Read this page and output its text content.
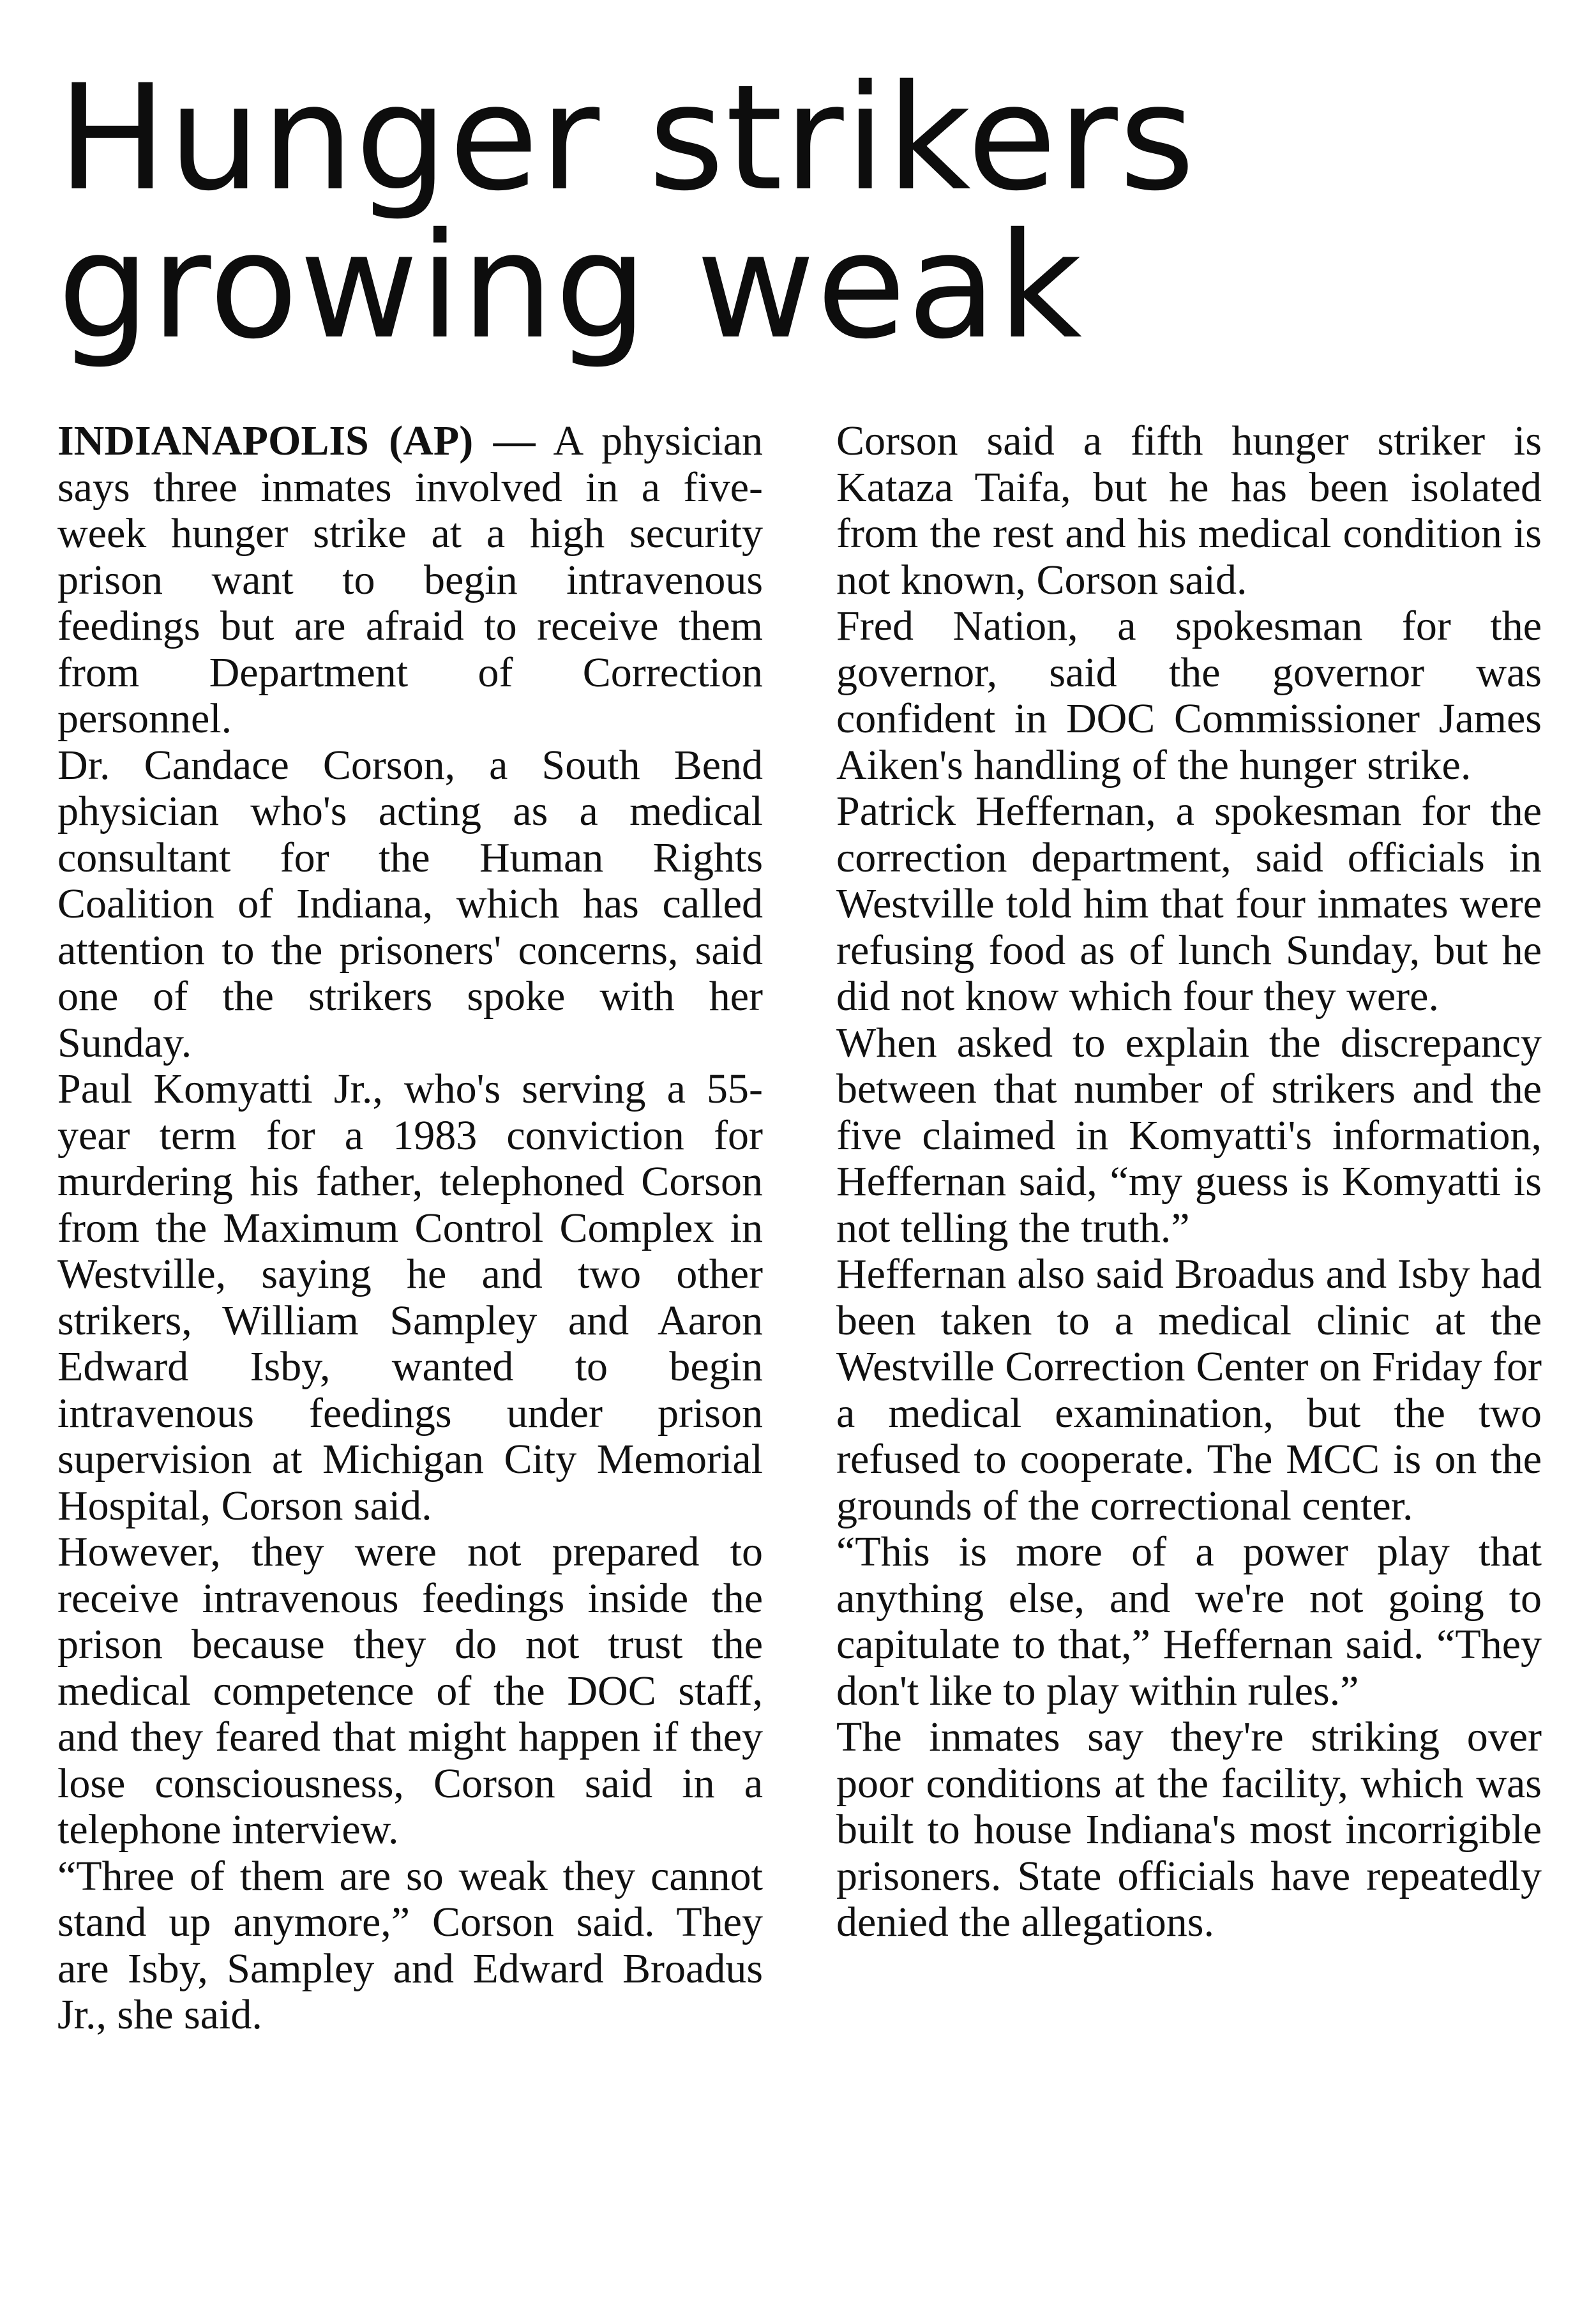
Hunger strikers
growing weak

INDIANAPOLIS (AP) — A physician says three inmates involved in a five-week hunger strike at a high security prison want to begin intravenous feedings but are afraid to receive them from Department of Correction personnel.

Dr. Candace Corson, a South Bend physician who's acting as a medical consultant for the Human Rights Coalition of Indiana, which has called attention to the prisoners' concerns, said one of the strikers spoke with her Sunday.

Paul Komyatti Jr., who's serving a 55-year term for a 1983 conviction for murdering his father, telephoned Corson from the Maximum Control Complex in Westville, saying he and two other strikers, William Sampley and Aaron Edward Isby, wanted to begin intravenous feedings under prison supervision at Michigan City Memorial Hospital, Corson said.

However, they were not prepared to receive intravenous feedings inside the prison because they do not trust the medical competence of the DOC staff, and they feared that might happen if they lose consciousness, Corson said in a telephone interview.

“Three of them are so weak they cannot stand up anymore,” Corson said. They are Isby, Sampley and Edward Broadus Jr., she said.

Corson said a fifth hunger striker is Kataza Taifa, but he has been isolated from the rest and his medical condition is not known, Corson said.

Fred Nation, a spokesman for the governor, said the governor was confident in DOC Commissioner James Aiken's handling of the hunger strike.

Patrick Heffernan, a spokesman for the correction department, said officials in Westville told him that four inmates were refusing food as of lunch Sunday, but he did not know which four they were.

When asked to explain the discrepancy between that number of strikers and the five claimed in Komyatti's information, Heffernan said, “my guess is Komyatti is not telling the truth.”

Heffernan also said Broadus and Isby had been taken to a medical clinic at the Westville Correction Center on Friday for a medical examination, but the two refused to cooperate. The MCC is on the grounds of the correctional center.

“This is more of a power play that anything else, and we're not going to capitulate to that,” Heffernan said. “They don't like to play within rules.”

The inmates say they're striking over poor conditions at the facility, which was built to house Indiana's most incorrigible prisoners. State officials have repeatedly denied the allegations.
